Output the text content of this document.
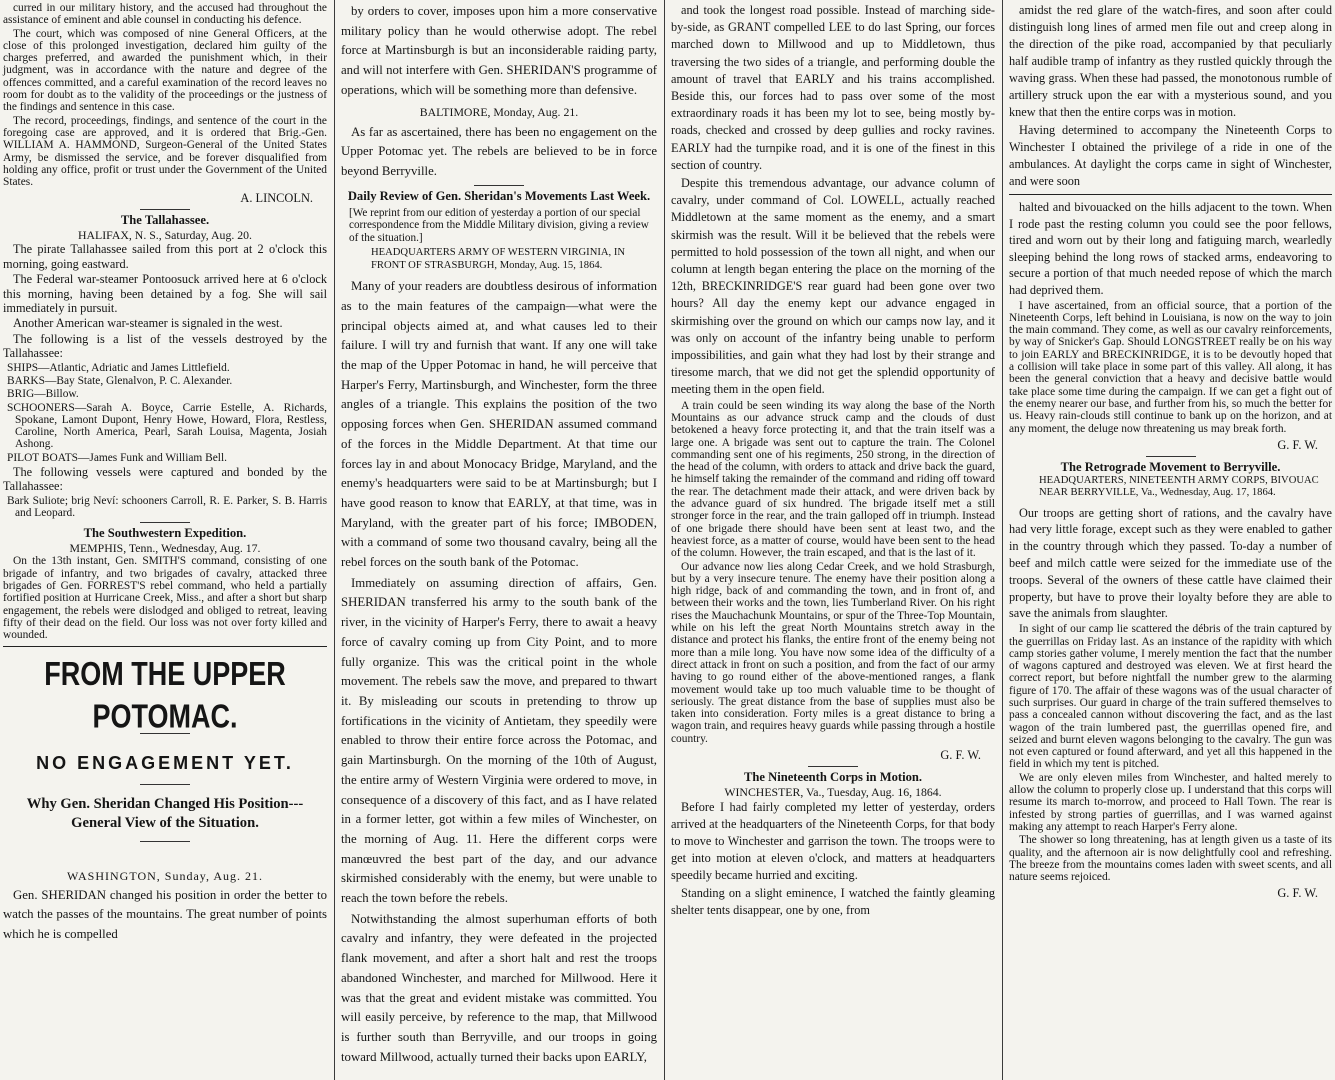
curred in our military history, and the accused had throughout the assistance of eminent and able counsel in conducting his defence.

The court, which was composed of nine General Officers, at the close of this prolonged investigation, declared him guilty of the charges preferred, and awarded the punishment which, in their judgment, was in accordance with the nature and degree of the offences committed, and a careful examination of the record leaves no room for doubt as to the validity of the proceedings or the justness of the findings and sentence in this case.

The record, proceedings, findings, and sentence of the court in the foregoing case are approved, and it is ordered that Brig.-Gen. WILLIAM A. HAMMOND, Surgeon-General of the United States Army, be dismissed the service, and be forever disqualified from holding any office, profit or trust under the Government of the United States.

A. LINCOLN.
The Tallahassee.
HALIFAX, N. S., Saturday, Aug. 20.

The pirate Tallahassee sailed from this port at 2 o'clock this morning, going eastward.

The Federal war-steamer Pontoosuck arrived here at 6 o'clock this morning, having been detained by a fog. She will sail immediately in pursuit.

Another American war-steamer is signaled in the west.

The following is a list of the vessels destroyed by the Tallahassee:

SHIPS—Atlantic, Adriatic and James Littlefield.

BARKS—Bay State, Glenalvon, P. C. Alexander.

BRIG—Billow.

SCHOONERS—Sarah A. Boyce, Carrie Estelle, A. Richards, Spokane, Lamont Dupont, Henry Howe, Howard, Flora, Restless, Caroline, North America, Pearl, Sarah Louisa, Magenta, Josiah Ashong.

PILOT BOATS—James Funk and William Bell.

The following vessels were captured and bonded by the Tallahassee:

Bark Suliote; brig Neví: schooners Carroll, R. E. Parker, S. B. Harris and Leopard.

The Southwestern Expedition.
MEMPHIS, Tenn., Wednesday, Aug. 17.

On the 13th instant, Gen. SMITH'S command, consisting of one brigade of infantry, and two brigades of cavalry, attacked three brigades of Gen. FORREST'S rebel command, who held a partially fortified position at Hurricane Creek, Miss., and after a short but sharp engagement, the rebels were dislodged and obliged to retreat, leaving fifty of their dead on the field. Our loss was not over forty killed and wounded.

FROM THE UPPER POTOMAC.
NO ENGAGEMENT YET.
Why Gen. Sheridan Changed His Position---General View of the Situation.
WASHINGTON, Sunday, Aug. 21.

Gen. SHERIDAN changed his position in order the better to watch the passes of the mountains. The great number of points which he is compelled

by orders to cover, imposes upon him a more conservative military policy than he would otherwise adopt. The rebel force at Martinsburgh is but an inconsiderable raiding party, and will not interfere with Gen. SHERIDAN'S programme of operations, which will be something more than defensive.

BALTIMORE, Monday, Aug. 21.

As far as ascertained, there has been no engagement on the Upper Potomac yet. The rebels are believed to be in force beyond Berryville.

Daily Review of Gen. Sheridan's Movements Last Week.
[We reprint from our edition of yesterday a portion of our special correspondence from the Middle Military division, giving a review of the situation.]
HEADQUARTERS ARMY OF WESTERN VIRGINIA, IN FRONT OF STRASBURGH, Monday, Aug. 15, 1864.

Many of your readers are doubtless desirous of information as to the main features of the campaign—what were the principal objects aimed at, and what causes led to their failure. I will try and furnish that want. If any one will take the map of the Upper Potomac in hand, he will perceive that Harper's Ferry, Martinsburgh, and Winchester, form the three angles of a triangle. This explains the position of the two opposing forces when Gen. SHERIDAN assumed command of the forces in the Middle Department. At that time our forces lay in and about Monocacy Bridge, Maryland, and the enemy's headquarters were said to be at Martinsburgh; but I have good reason to know that EARLY, at that time, was in Maryland, with the greater part of his force; IMBODEN, with a command of some two thousand cavalry, being all the rebel forces on the south bank of the Potomac.

Immediately on assuming direction of affairs, Gen. SHERIDAN transferred his army to the south bank of the river, in the vicinity of Harper's Ferry, there to await a heavy force of cavalry coming up from City Point, and to more fully organize. This was the critical point in the whole movement. The rebels saw the move, and prepared to thwart it. By misleading our scouts in pretending to throw up fortifications in the vicinity of Antietam, they speedily were enabled to throw their entire force across the Potomac, and gain Martinsburgh. On the morning of the 10th of August, the entire army of Western Virginia were ordered to move, in consequence of a discovery of this fact, and as I have related in a former letter, got within a few miles of Winchester, on the morning of Aug. 11. Here the different corps were manœuvred the best part of the day, and our advance skirmished considerably with the enemy, but were unable to reach the town before the rebels.

Notwithstanding the almost superhuman efforts of both cavalry and infantry, they were defeated in the projected flank movement, and after a short halt and rest the troops abandoned Winchester, and marched for Millwood. Here it was that the great and evident mistake was committed. You will easily perceive, by reference to the map, that Millwood is further south than Berryville, and our troops in going toward Millwood, actually turned their backs upon EARLY,

and took the longest road possible. Instead of marching side-by-side, as GRANT compelled LEE to do last Spring, our forces marched down to Millwood and up to Middletown, thus traversing the two sides of a triangle, and performing double the amount of travel that EARLY and his trains accomplished. Beside this, our forces had to pass over some of the most extraordinary roads it has been my lot to see, being mostly by-roads, checked and crossed by deep gullies and rocky ravines. EARLY had the turnpike road, and it is one of the finest in this section of country.

Despite this tremendous advantage, our advance column of cavalry, under command of Col. LOWELL, actually reached Middletown at the same moment as the enemy, and a smart skirmish was the result. Will it be believed that the rebels were permitted to hold possession of the town all night, and when our column at length began entering the place on the morning of the 12th, BRECKINRIDGE'S rear guard had been gone over two hours? All day the enemy kept our advance engaged in skirmishing over the ground on which our camps now lay, and it was only on account of the infantry being unable to perform impossibilities, and gain what they had lost by their strange and tiresome march, that we did not get the splendid opportunity of meeting them in the open field.

A train could be seen winding its way along the base of the North Mountains as our advance struck camp and the clouds of dust betokened a heavy force protecting it, and that the train itself was a large one. A brigade was sent out to capture the train. The Colonel commanding sent one of his regiments, 250 strong, in the direction of the head of the column, with orders to attack and drive back the guard, he himself taking the remainder of the command and riding off toward the rear. The detachment made their attack, and were driven back by the advance guard of six hundred. The brigade itself met a still stronger force in the rear, and the train galloped off in triumph. Instead of one brigade there should have been sent at least two, and the heaviest force, as a matter of course, would have been sent to the head of the column. However, the train escaped, and that is the last of it.

Our advance now lies along Cedar Creek, and we hold Strasburgh, but by a very insecure tenure. The enemy have their position along a high ridge, back of and commanding the town, and in front of, and between their works and the town, lies Tumberland River. On his right rises the Mauchachunk Mountains, or spur of the Three-Top Mountain, while on his left the great North Mountains stretch away in the distance and protect his flanks, the entire front of the enemy being not more than a mile long. You have now some idea of the difficulty of a direct attack in front on such a position, and from the fact of our army having to go round either of the above-mentioned ranges, a flank movement would take up too much valuable time to be thought of seriously. The great distance from the base of supplies must also be taken into consideration. Forty miles is a great distance to bring a wagon train, and requires heavy guards while passing through a hostile country.

G. F. W.
The Nineteenth Corps in Motion.
WINCHESTER, Va., Tuesday, Aug. 16, 1864.

Before I had fairly completed my letter of yesterday, orders arrived at the headquarters of the Nineteenth Corps, for that body to move to Winchester and garrison the town. The troops were to get into motion at eleven o'clock, and matters at headquarters speedily became hurried and exciting.

Standing on a slight eminence, I watched the faintly gleaming shelter tents disappear, one by one, from

amidst the red glare of the watch-fires, and soon after could distinguish long lines of armed men file out and creep along in the direction of the pike road, accompanied by that peculiarly half audible tramp of infantry as they rustled quickly through the waving grass. When these had passed, the monotonous rumble of artillery struck upon the ear with a mysterious sound, and you knew that then the entire corps was in motion.

Having determined to accompany the Nineteenth Corps to Winchester I obtained the privilege of a ride in one of the ambulances. At daylight the corps came in sight of Winchester, and were soon

halted and bivouacked on the hills adjacent to the town. When I rode past the resting column you could see the poor fellows, tired and worn out by their long and fatiguing march, wearledly sleeping behind the long rows of stacked arms, endeavoring to secure a portion of that much needed repose of which the march had deprived them.

I have ascertained, from an official source, that a portion of the Nineteenth Corps, left behind in Louisiana, is now on the way to join the main command. They come, as well as our cavalry reinforcements, by way of Snicker's Gap. Should LONGSTREET really be on his way to join EARLY and BRECKINRIDGE, it is to be devoutly hoped that a collision will take place in some part of this valley. All along, it has been the general conviction that a heavy and decisive battle would take place some time during the campaign. If we can get a fight out of the enemy nearer our base, and further from his, so much the better for us. Heavy rain-clouds still continue to bank up on the horizon, and at any moment, the deluge now threatening us may break forth.

G. F. W.
The Retrograde Movement to Berryville.
HEADQUARTERS, NINETEENTH ARMY CORPS, BIVOUAC NEAR BERRYVILLE, Va., Wednesday, Aug. 17, 1864.

Our troops are getting short of rations, and the cavalry have had very little forage, except such as they were enabled to gather in the country through which they passed. To-day a number of beef and milch cattle were seized for the immediate use of the troops. Several of the owners of these cattle have claimed their property, but have to prove their loyalty before they are able to save the animals from slaughter.

In sight of our camp lie scattered the débris of the train captured by the guerrillas on Friday last. As an instance of the rapidity with which camp stories gather volume, I merely mention the fact that the number of wagons captured and destroyed was eleven. We at first heard the correct report, but before nightfall the number grew to the alarming figure of 170. The affair of these wagons was of the usual character of such surprises. Our guard in charge of the train suffered themselves to pass a concealed cannon without discovering the fact, and as the last wagon of the train lumbered past, the guerrillas opened fire, and seized and burnt eleven wagons belonging to the cavalry. The gun was not even captured or found afterward, and yet all this happened in the field in which my tent is pitched.

We are only eleven miles from Winchester, and halted merely to allow the column to properly close up. I understand that this corps will resume its march to-morrow, and proceed to Hall Town. The rear is infested by strong parties of guerrillas, and I was warned against making any attempt to reach Harper's Ferry alone.

The shower so long threatening, has at length given us a taste of its quality, and the afternoon air is now delightfully cool and refreshing. The breeze from the mountains comes laden with sweet scents, and all nature seems rejoiced.

G. F. W.
